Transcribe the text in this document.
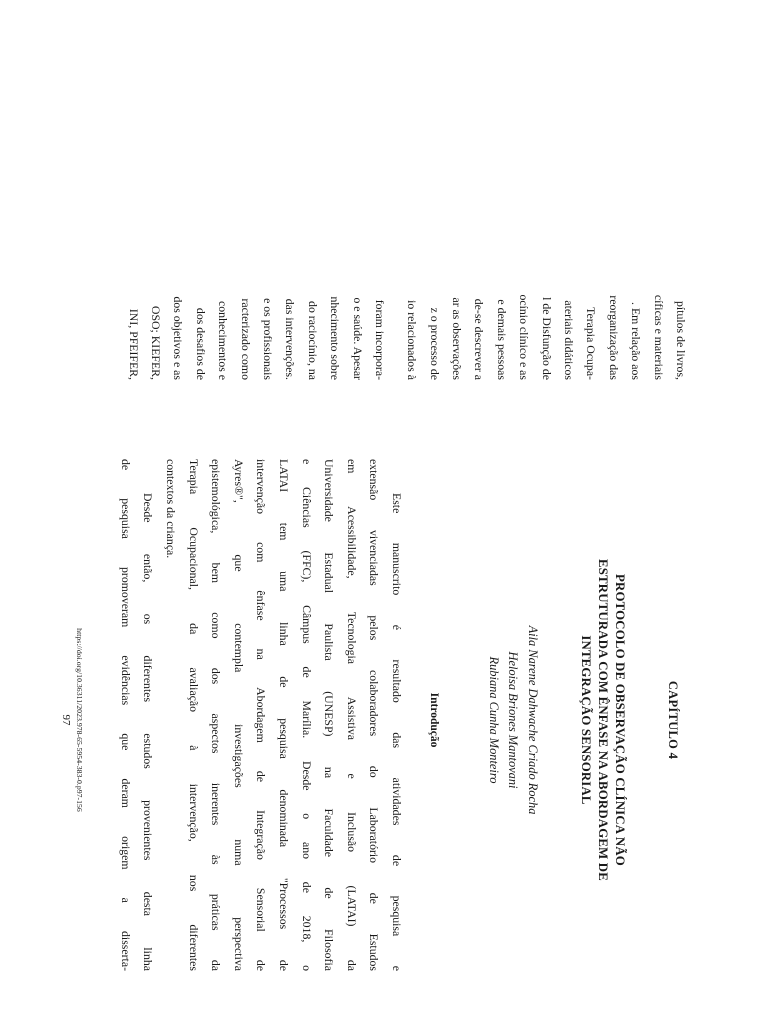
pítulos de livros,
cíficas e materiais
. Em relação aos
reorganização das
Terapia Ocupa-
ateriais didáticos
l de Disfunção de
ocínio clínico e as
e demais pessoas
de-se descrever a
ar as observações
z o processo de
io relacionados à
foram incorpora-
o e saúde. Apesar
nhecimento sobre
do raciocínio, na
das intervenções.
e os profissionais
racterizado como
conhecimentos e
dos desafios de
dos objetivos e as
OSO; KIEFER,
INI, PFEIFER,
CAPÍTULO 4
PROTOCOLO DE OBSERVAÇÃO CLÍNICA NÃO
ESTRUTURADA COM ÊNFASE NA ABORDAGEM DE
INTEGRAÇÃO SENSORIAL
Aila Narene Dahwache Criado Rocha
Heloisa Briones Mantovani
Rubiana Cunha Monteiro
Introdução
Este manuscrito é resultado das atividades de pesquisa e
extensão vivenciadas pelos colaboradores do Laboratório de Estudos
em Acessibilidade, Tecnologia Assistiva e Inclusão (LATAI) da
Universidade Estadual Paulista (UNESP) na Faculdade de Filosofia
e Ciências (FFC), Câmpus de Marília. Desde o ano de 2018, o
LATAI tem uma linha de pesquisa denominada "Processos de
intervenção com ênfase na Abordagem de Integração Sensorial de
Ayres®", que contempla investigações numa perspectiva
epistemológica, bem como dos aspectos inerentes às práticas da
Terapia Ocupacional, da avaliação à intervenção, nos diferentes
contextos da criança.
Desde então, os diferentes estudos provenientes desta linha
de pesquisa promoveram evidências que deram origem a disserta-
https://doi.org/10.36311/2023.978-65-5954-383-0.p97-156
97
